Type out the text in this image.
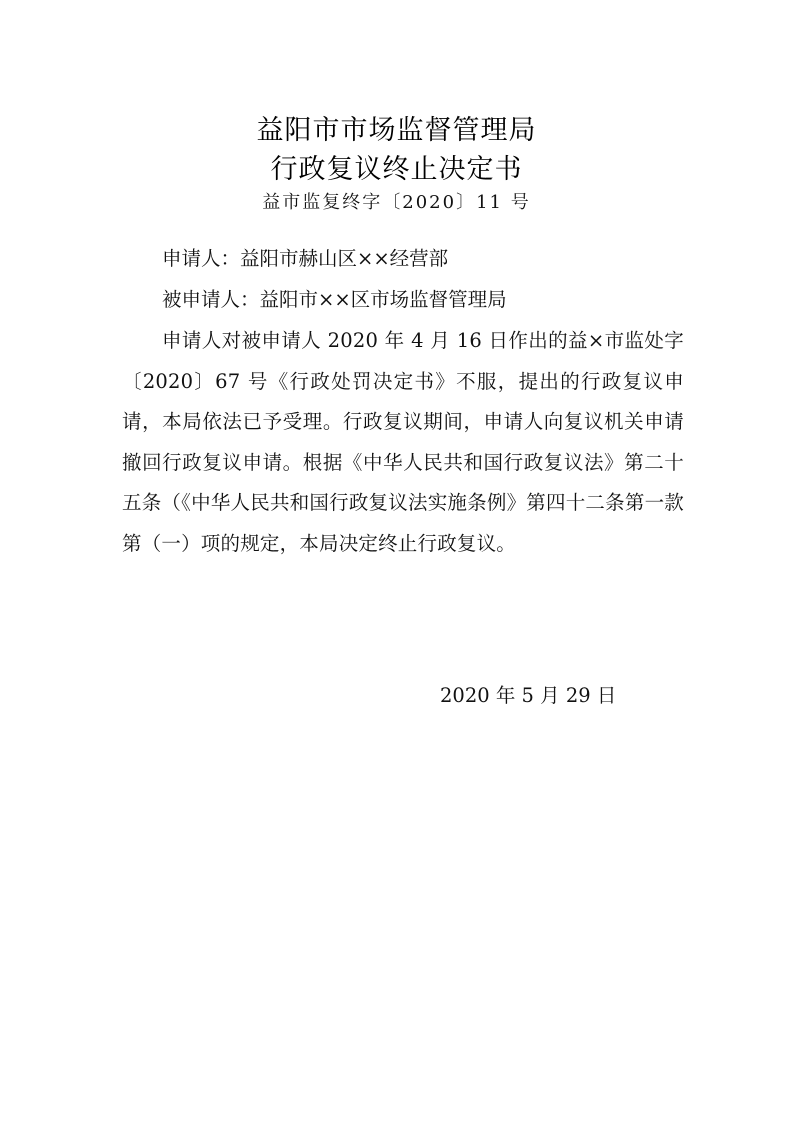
益阳市市场监督管理局
行政复议终止决定书
益市监复终字〔2020〕11 号
申请人：益阳市赫山区××经营部
被申请人：益阳市××区市场监督管理局
申请人对被申请人 2020 年 4 月 16 日作出的益×市监处字〔2020〕67 号《行政处罚决定书》不服，提出的行政复议申请，本局依法已予受理。行政复议期间，申请人向复议机关申请撤回行政复议申请。根据《中华人民共和国行政复议法》第二十五条（《中华人民共和国行政复议法实施条例》第四十二条第一款第（一）项的规定，本局决定终止行政复议。
2020 年 5 月 29 日
